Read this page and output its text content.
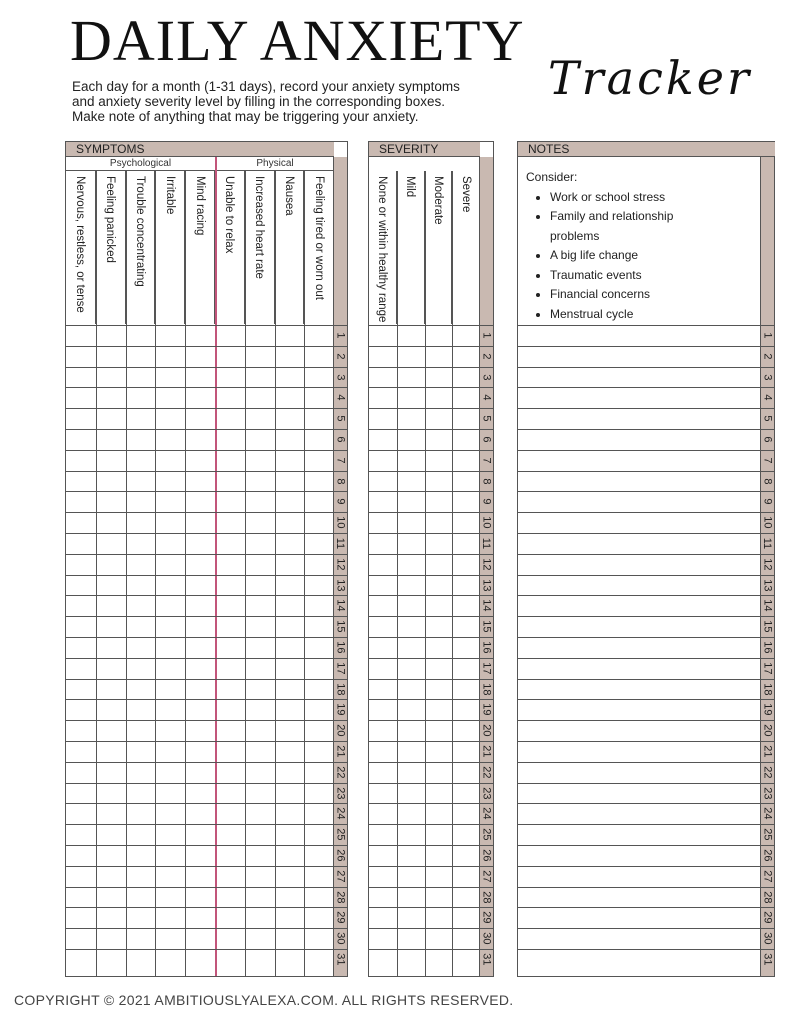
DAILY ANXIETY
Tracker
Each day for a month (1-31 days), record your anxiety symptoms
and anxiety severity level by filling in the corresponding boxes.
Make note of anything that may be triggering your anxiety.
SYMPTOMS
Psychological	Physical
Nervous, restless, or tense Feeling panicked Trouble concentrating Irritable Mind racing Unable to relax Increased heart rate Nausea Feeling tired or worn out
1
2
3
4
5
6
7
8
9
10
11
12
13
14
15
16
17
18
19
20
21
22
23
24
25
26
27
28
29
30
31
SEVERITY
None or within healthy range Mild Moderate Severe
1
2
3
4
5
6
7
8
9
10
11
12
13
14
15
16
17
18
19
20
21
22
23
24
25
26
27
28
29
30
31
NOTES
Consider:
• Work or school stress
• Family and relationship problems
• A big life change
• Traumatic events
• Financial concerns
• Menstrual cycle
1
2
3
4
5
6
7
8
9
10
11
12
13
14
15
16
17
18
19
20
21
22
23
24
25
26
27
28
29
30
31
COPYRIGHT © 2021 AMBITIOUSLYALEXA.COM. ALL RIGHTS RESERVED.
